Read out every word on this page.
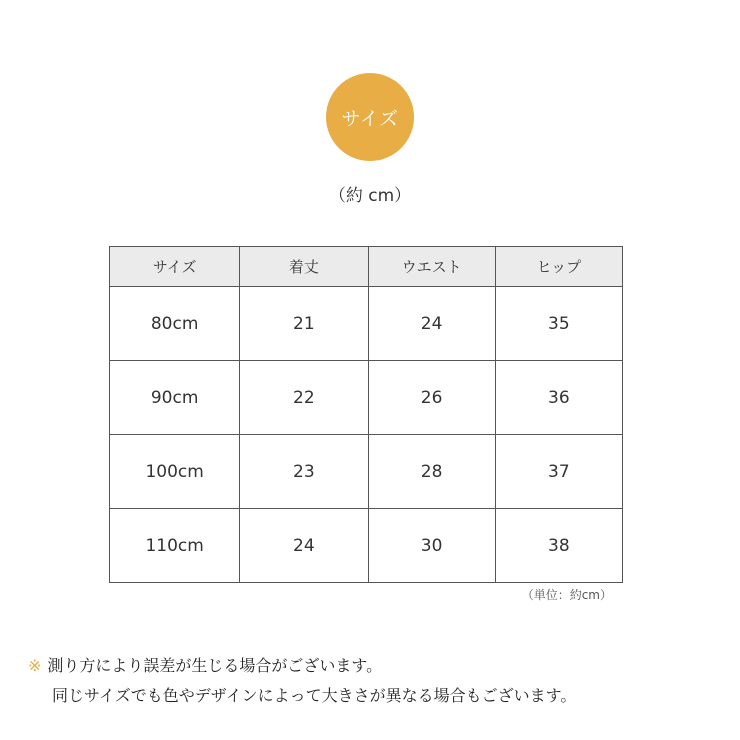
サイズ
（約 cm）
サイズ	着丈	ウエスト	ヒップ
80cm	21	24	35
90cm	22	26	36
100cm	23	28	37
110cm	24	30	38
（単位：約cm）
※ 測り方により誤差が生じる場合がございます。
同じサイズでも色やデザインによって大きさが異なる場合もございます。
